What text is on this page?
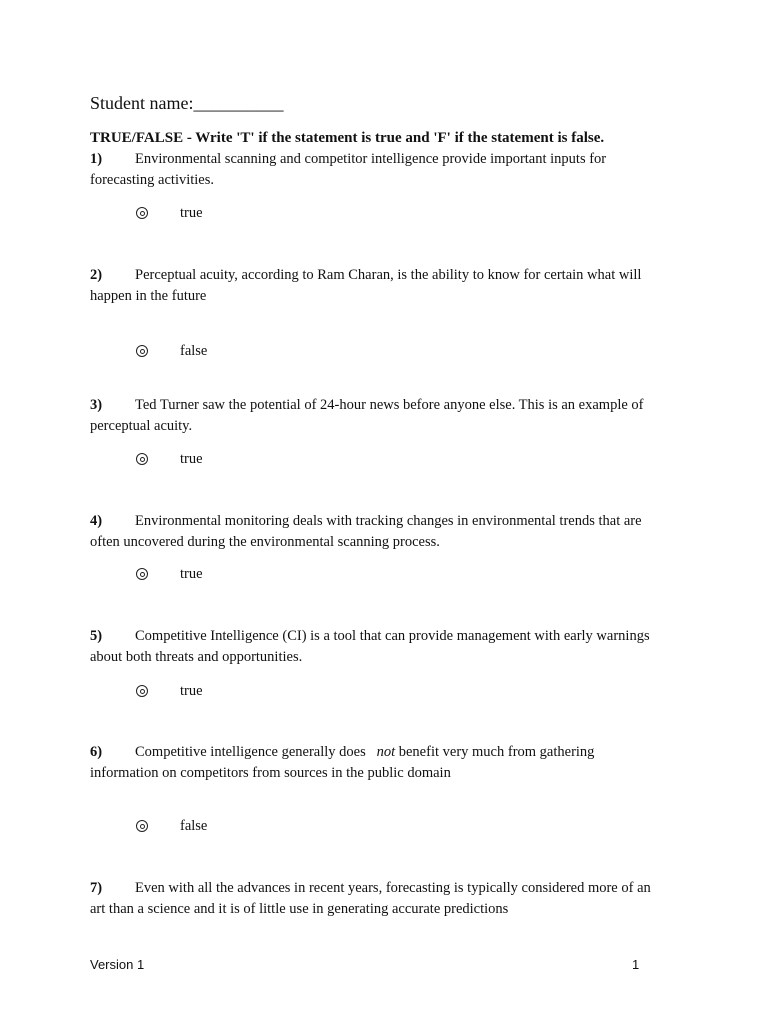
Student name:__________
TRUE/FALSE - Write 'T' if the statement is true and 'F' if the statement is false.
1) Environmental scanning and competitor intelligence provide important inputs for
forecasting activities.
true
2) Perceptual acuity, according to Ram Charan, is the ability to know for certain what will
happen in the future
false
3) Ted Turner saw the potential of 24-hour news before anyone else. This is an example of
perceptual acuity.
true
4) Environmental monitoring deals with tracking changes in environmental trends that are
often uncovered during the environmental scanning process.
true
5) Competitive Intelligence (CI) is a tool that can provide management with early warnings
about both threats and opportunities.
true
6) Competitive intelligence generally does not benefit very much from gathering
information on competitors from sources in the public domain
false
7) Even with all the advances in recent years, forecasting is typically considered more of an
art than a science and it is of little use in generating accurate predictions
Version 1	1
